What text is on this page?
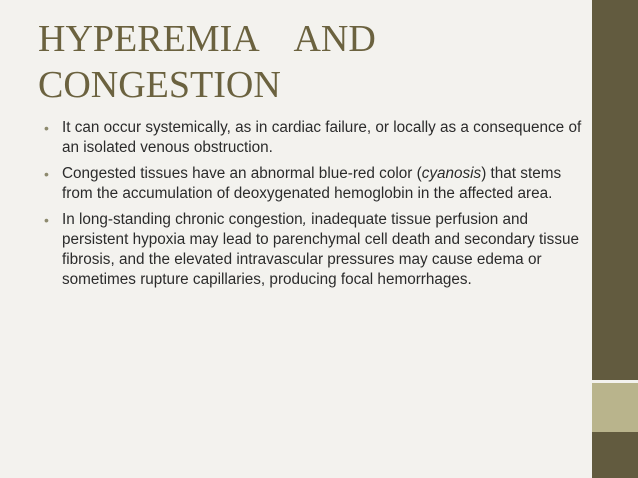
HYPEREMIA    AND CONGESTION
• It can occur systemically, as in cardiac failure, or locally as a consequence of an isolated venous obstruction.
• Congested tissues have an abnormal blue-red color (cyanosis) that stems from the accumulation of deoxygenated hemoglobin in the affected area.
• In long-standing chronic congestion, inadequate tissue perfusion and persistent hypoxia may lead to parenchymal cell death and secondary tissue fibrosis, and the elevated intravascular pressures may cause edema or sometimes rupture capillaries, producing focal hemorrhages.
